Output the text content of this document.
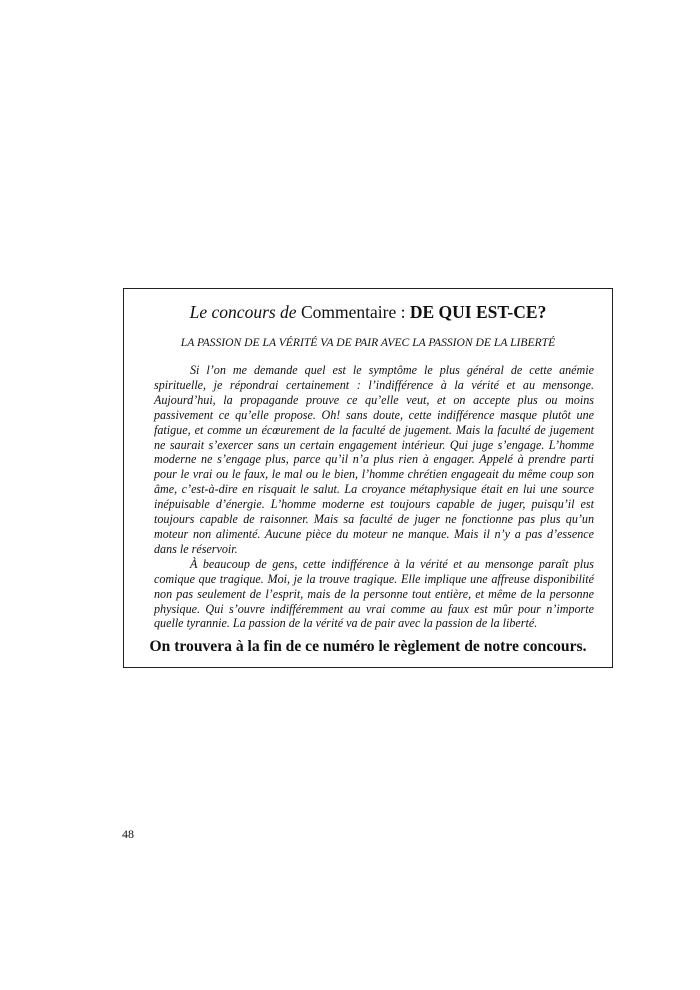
Le concours de Commentaire : DE QUI EST-CE?
LA PASSION DE LA VÉRITÉ VA DE PAIR AVEC LA PASSION DE LA LIBERTÉ

Si l’on me demande quel est le symptôme le plus général de cette anémie spirituelle, je répondrai certainement : l’indifférence à la vérité et au mensonge. Aujourd’hui, la propagande prouve ce qu’elle veut, et on accepte plus ou moins passivement ce qu’elle propose. Oh! sans doute, cette indifférence masque plutôt une fatigue, et comme un écœurement de la faculté de jugement. Mais la faculté de jugement ne saurait s’exercer sans un certain engagement intérieur. Qui juge s’engage. L’homme moderne ne s’engage plus, parce qu’il n’a plus rien à engager. Appelé à prendre parti pour le vrai ou le faux, le mal ou le bien, l’homme chrétien engageait du même coup son âme, c’est-à-dire en risquait le salut. La croyance métaphysique était en lui une source inépuisable d’énergie. L’homme moderne est toujours capable de juger, puisqu’il est toujours capable de raisonner. Mais sa faculté de juger ne fonctionne pas plus qu’un moteur non alimenté. Aucune pièce du moteur ne manque. Mais il n’y a pas d’essence dans le réservoir.

À beaucoup de gens, cette indifférence à la vérité et au mensonge paraît plus comique que tragique. Moi, je la trouve tragique. Elle implique une affreuse disponibilité non pas seulement de l’esprit, mais de la personne tout entière, et même de la personne physique. Qui s’ouvre indifféremment au vrai comme au faux est mûr pour n’importe quelle tyrannie. La passion de la vérité va de pair avec la passion de la liberté.

On trouvera à la fin de ce numéro le règlement de notre concours.
48
